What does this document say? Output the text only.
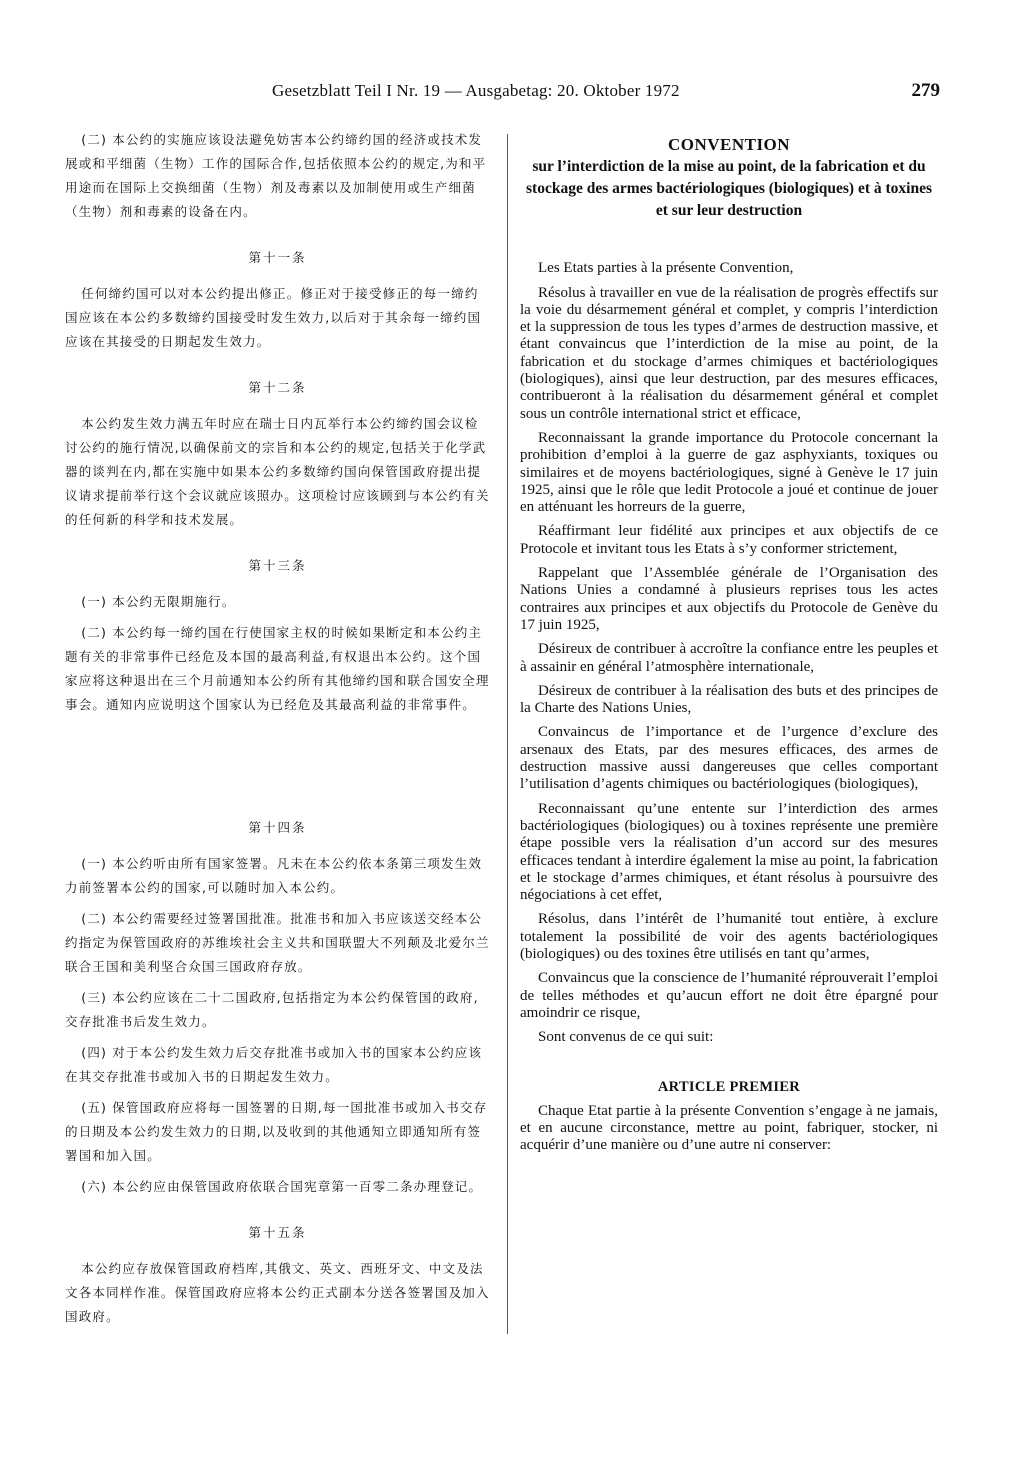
Gesetzblatt Teil I Nr. 19 — Ausgabetag: 20. Oktober 1972	279

(二) 本公约的实施应该设法避免妨害本公约缔约国的经济或技术发展或和平细菌（生物）工作的国际合作,包括依照本公约的规定,为和平用途而在国际上交换细菌（生物）剂及毒素以及加制使用或生产细菌（生物）剂和毒素的设备在内。

第十一条

任何缔约国可以对本公约提出修正。修正对于接受修正的每一缔约国应该在本公约多数缔约国接受时发生效力,以后对于其余每一缔约国应该在其接受的日期起发生效力。

第十二条

本公约发生效力满五年时应在瑞士日内瓦举行本公约缔约国会议检讨公约的施行情况,以确保前文的宗旨和本公约的规定,包括关于化学武器的谈判在内,都在实施中如果本公约多数缔约国向保管国政府提出提议请求提前举行这个会议就应该照办。这项检讨应该顾到与本公约有关的任何新的科学和技术发展。

第十三条

(一) 本公约无限期施行。

(二) 本公约每一缔约国在行使国家主权的时候如果断定和本公约主题有关的非常事件已经危及本国的最高利益,有权退出本公约。这个国家应将这种退出在三个月前通知本公约所有其他缔约国和联合国安全理事会。通知内应说明这个国家认为已经危及其最高利益的非常事件。

第十四条

(一) 本公约听由所有国家签署。凡未在本公约依本条第三项发生效力前签署本公约的国家,可以随时加入本公约。

(二) 本公约需要经过签署国批准。批准书和加入书应该送交经本公约指定为保管国政府的苏维埃社会主义共和国联盟大不列颠及北爱尔兰联合王国和美利坚合众国三国政府存放。

(三) 本公约应该在二十二国政府,包括指定为本公约保管国的政府,交存批准书后发生效力。

(四) 对于本公约发生效力后交存批准书或加入书的国家本公约应该在其交存批准书或加入书的日期起发生效力。

(五) 保管国政府应将每一国签署的日期,每一国批准书或加入书交存的日期及本公约发生效力的日期,以及收到的其他通知立即通知所有签署国和加入国。

(六) 本公约应由保管国政府依联合国宪章第一百零二条办理登记。

第十五条

本公约应存放保管国政府档库,其俄文、英文、西班牙文、中文及法文各本同样作准。保管国政府应将本公约正式副本分送各签署国及加入国政府。

CONVENTION
sur l’interdiction de la mise au point, de la fabrication et du stockage des armes bactériologiques (biologiques) et à toxines et sur leur destruction

Les Etats parties à la présente Convention,

Résolus à travailler en vue de la réalisation de progrès effectifs sur la voie du désarmement général et complet, y compris l’interdiction et la suppression de tous les types d’armes de destruction massive, et étant convaincus que l’interdiction de la mise au point, de la fabrication et du stockage d’armes chimiques et bactériologiques (biologiques), ainsi que leur destruction, par des mesures efficaces, contribueront à la réalisation du désarmement général et complet sous un contrôle international strict et efficace,

Reconnaissant la grande importance du Protocole concernant la prohibition d’emploi à la guerre de gaz asphyxiants, toxiques ou similaires et de moyens bactériologiques, signé à Genève le 17 juin 1925, ainsi que le rôle que ledit Protocole a joué et continue de jouer en atténuant les horreurs de la guerre,

Réaffirmant leur fidélité aux principes et aux objectifs de ce Protocole et invitant tous les Etats à s’y conformer strictement,

Rappelant que l’Assemblée générale de l’Organisation des Nations Unies a condamné à plusieurs reprises tous les actes contraires aux principes et aux objectifs du Protocole de Genève du 17 juin 1925,

Désireux de contribuer à accroître la confiance entre les peuples et à assainir en général l’atmosphère internationale,

Désireux de contribuer à la réalisation des buts et des principes de la Charte des Nations Unies,

Convaincus de l’importance et de l’urgence d’exclure des arsenaux des Etats, par des mesures efficaces, des armes de destruction massive aussi dangereuses que celles comportant l’utilisation d’agents chimiques ou bactériologiques (biologiques),

Reconnaissant qu’une entente sur l’interdiction des armes bactériologiques (biologiques) ou à toxines représente une première étape possible vers la réalisation d’un accord sur des mesures efficaces tendant à interdire également la mise au point, la fabrication et le stockage d’armes chimiques, et étant résolus à poursuivre des négociations à cet effet,

Résolus, dans l’intérêt de l’humanité tout entière, à exclure totalement la possibilité de voir des agents bactériologiques (biologiques) ou des toxines être utilisés en tant qu’armes,

Convaincus que la conscience de l’humanité réprouverait l’emploi de telles méthodes et qu’aucun effort ne doit être épargné pour amoindrir ce risque,

Sont convenus de ce qui suit:

ARTICLE PREMIER

Chaque Etat partie à la présente Convention s’engage à ne jamais, et en aucune circonstance, mettre au point, fabriquer, stocker, ni acquérir d’une manière ou d’une autre ni conserver:
